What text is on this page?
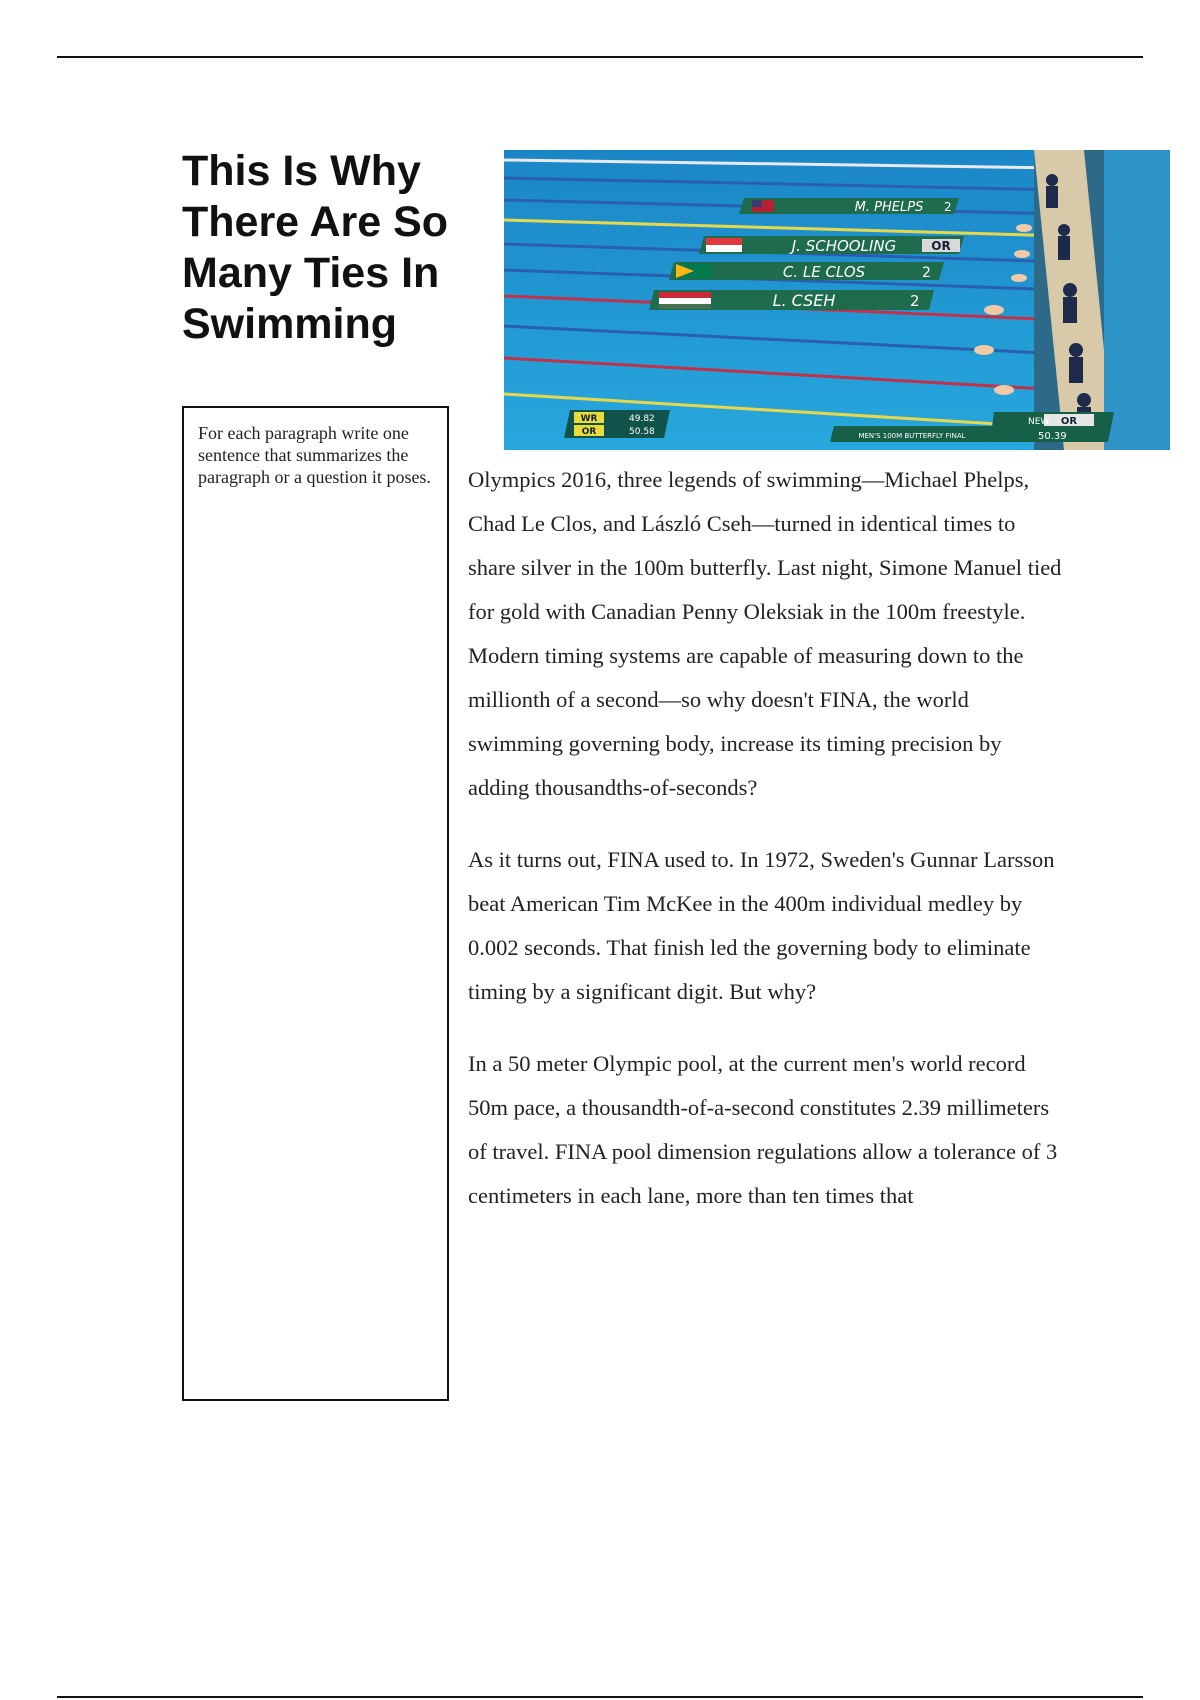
This Is Why There Are So Many Ties In Swimming

For each paragraph write one sentence that summarizes the paragraph or a question it poses.

M. PHELPS 2
J. SCHOOLING	OR
C. LE CLOS	2
L. CSEH	2
WR
OR
49.82
50.58	MEN'S 100M BUTTERFLY FINAL
NEW OR
50.39

Olympics 2016, three legends of swimming—Michael Phelps, Chad Le Clos, and László Cseh—turned in identical times to share silver in the 100m butterfly. Last night, Simone Manuel tied for gold with Canadian Penny Oleksiak in the 100m freestyle. Modern timing systems are capable of measuring down to the millionth of a second—so why doesn't FINA, the world swimming governing body, increase its timing precision by adding thousandths-of-seconds?

As it turns out, FINA used to. In 1972, Sweden's Gunnar Larsson beat American Tim McKee in the 400m individual medley by 0.002 seconds. That finish led the governing body to eliminate timing by a significant digit. But why?

In a 50 meter Olympic pool, at the current men's world record 50m pace, a thousandth-of-a-second constitutes 2.39 millimeters of travel. FINA pool dimension regulations allow a tolerance of 3 centimeters in each lane, more than ten times that
